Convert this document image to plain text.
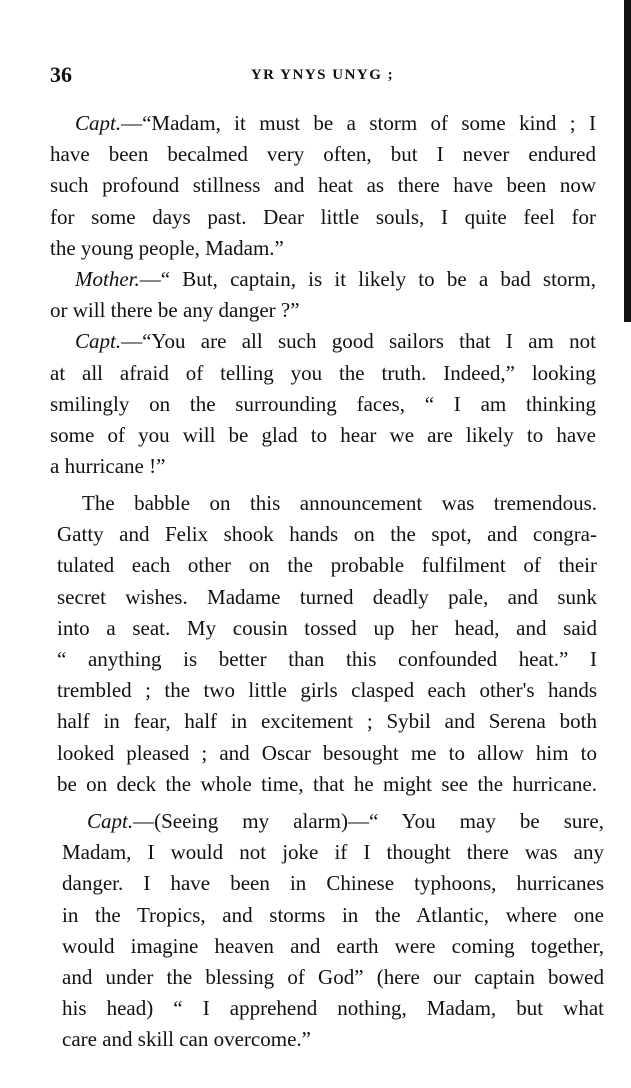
36	YR YNYS UNYG ;
Capt.—“Madam, it must be a storm of some kind ; I
have been becalmed very often, but I never endured
such profound stillness and heat as there have been now
for some days past. Dear little souls, I quite feel for
the young people, Madam.”
Mother.—“ But, captain, is it likely to be a bad storm,
or will there be any danger ?”
Capt.—“You are all such good sailors that I am not
at all afraid of telling you the truth. Indeed,” looking
smilingly on the surrounding faces, “ I am thinking
some of you will be glad to hear we are likely to have
a hurricane !”
The babble on this announcement was tremendous.
Gatty and Felix shook hands on the spot, and congra-
tulated each other on the probable fulfilment of their
secret wishes. Madame turned deadly pale, and sunk
into a seat. My cousin tossed up her head, and said
“ anything is better than this confounded heat.” I
trembled ; the two little girls clasped each other's hands
half in fear, half in excitement ; Sybil and Serena both
looked pleased ; and Oscar besought me to allow him to
be on deck the whole time, that he might see the hurricane.
Capt.—(Seeing my alarm)—“ You may be sure,
Madam, I would not joke if I thought there was any
danger. I have been in Chinese typhoons, hurricanes
in the Tropics, and storms in the Atlantic, where one
would imagine heaven and earth were coming together,
and under the blessing of God” (here our captain bowed
his head) “ I apprehend nothing, Madam, but what
care and skill can overcome.”
